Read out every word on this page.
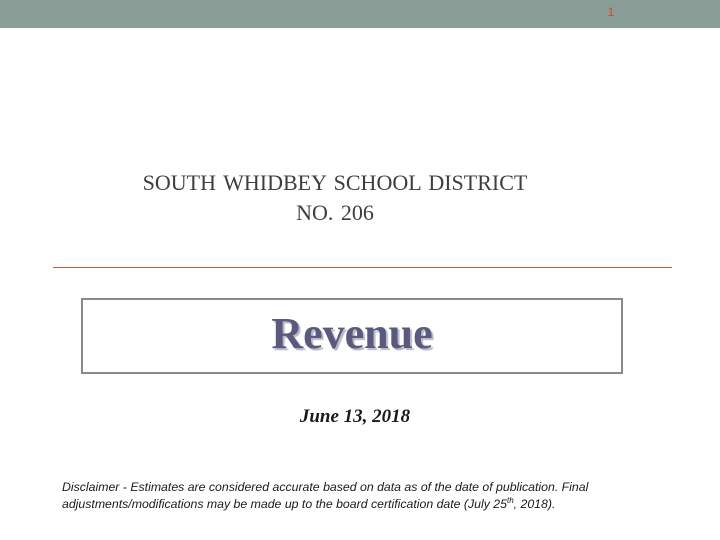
1
SOUTH WHIDBEY SCHOOL DISTRICT
NO. 206
Revenue
June 13, 2018
Disclaimer - Estimates are considered accurate based on data as of the date of publication. Final adjustments/modifications may be made up to the board certification date (July 25th, 2018).
